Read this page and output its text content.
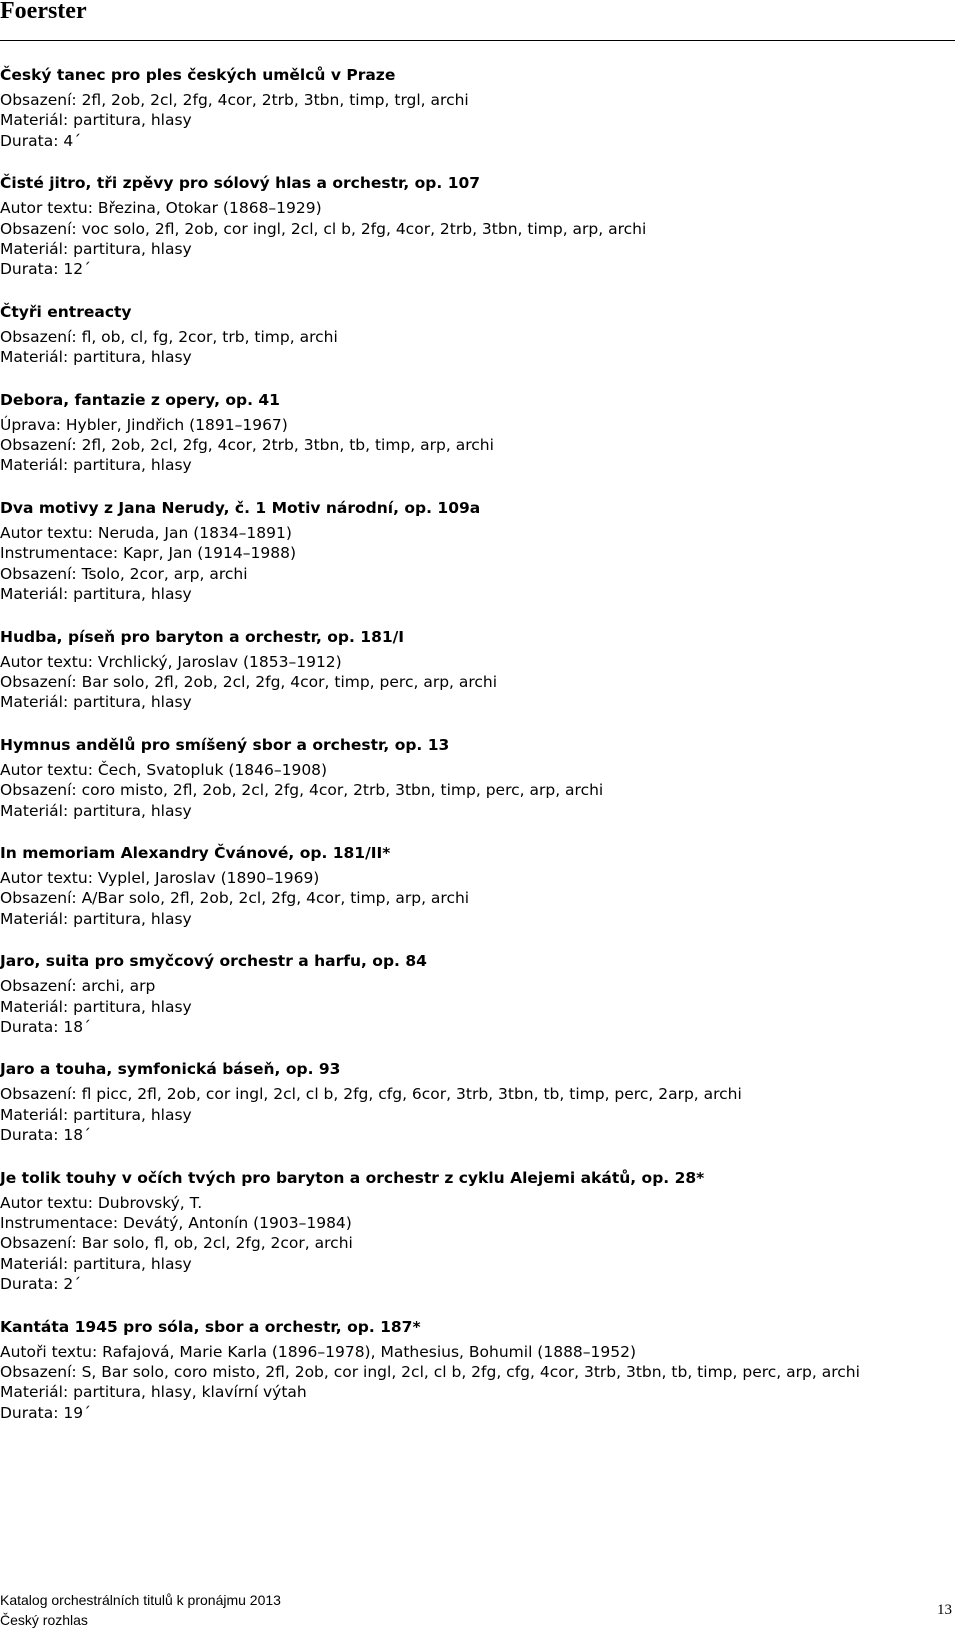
Foerster
Český tanec pro ples českých umělců v Praze
Obsazení: 2fl, 2ob, 2cl, 2fg, 4cor, 2trb, 3tbn, timp, trgl, archi
Materiál: partitura, hlasy
Durata: 4´
Čisté jitro, tři zpěvy pro sólový hlas a orchestr, op. 107
Autor textu: Březina, Otokar (1868–1929)
Obsazení: voc solo, 2fl, 2ob, cor ingl, 2cl, cl b, 2fg, 4cor, 2trb, 3tbn, timp, arp, archi
Materiál: partitura, hlasy
Durata: 12´
Čtyři entreacty
Obsazení: fl, ob, cl, fg, 2cor, trb, timp, archi
Materiál: partitura, hlasy
Debora, fantazie z opery, op. 41
Úprava: Hybler, Jindřich (1891–1967)
Obsazení: 2fl, 2ob, 2cl, 2fg, 4cor, 2trb, 3tbn, tb, timp, arp, archi
Materiál: partitura, hlasy
Dva motivy z Jana Nerudy, č. 1 Motiv národní, op. 109a
Autor textu: Neruda, Jan (1834–1891)
Instrumentace: Kapr, Jan (1914–1988)
Obsazení: Tsolo, 2cor, arp, archi
Materiál: partitura, hlasy
Hudba, píseň pro baryton a orchestr, op. 181/I
Autor textu: Vrchlický, Jaroslav (1853–1912)
Obsazení: Bar solo, 2fl, 2ob, 2cl, 2fg, 4cor, timp, perc, arp, archi
Materiál: partitura, hlasy
Hymnus andělů pro smíšený sbor a orchestr, op. 13
Autor textu: Čech, Svatopluk (1846–1908)
Obsazení: coro misto, 2fl, 2ob, 2cl, 2fg, 4cor, 2trb, 3tbn, timp, perc, arp, archi
Materiál: partitura, hlasy
In memoriam Alexandry Čvánové, op. 181/II*
Autor textu: Vyplel, Jaroslav (1890–1969)
Obsazení: A/Bar solo, 2fl, 2ob, 2cl, 2fg, 4cor, timp, arp, archi
Materiál: partitura, hlasy
Jaro, suita pro smyčcový orchestr a harfu, op. 84
Obsazení: archi, arp
Materiál: partitura, hlasy
Durata: 18´
Jaro a touha, symfonická báseň, op. 93
Obsazení: fl picc, 2fl, 2ob, cor ingl, 2cl, cl b, 2fg, cfg, 6cor, 3trb, 3tbn, tb, timp, perc, 2arp, archi
Materiál: partitura, hlasy
Durata: 18´
Je tolik touhy v očích tvých pro baryton a orchestr z cyklu Alejemi akátů, op. 28*
Autor textu: Dubrovský, T.
Instrumentace: Devátý, Antonín (1903–1984)
Obsazení: Bar solo, fl, ob, 2cl, 2fg, 2cor, archi
Materiál: partitura, hlasy
Durata: 2´
Kantáta 1945 pro sóla, sbor a orchestr, op. 187*
Autoři textu: Rafajová, Marie Karla (1896–1978), Mathesius, Bohumil (1888–1952)
Obsazení: S, Bar solo, coro misto, 2fl, 2ob, cor ingl, 2cl, cl b, 2fg, cfg, 4cor, 3trb, 3tbn, tb, timp, perc, arp, archi
Materiál: partitura, hlasy, klavírní výtah
Durata: 19´
Katalog orchestrálních titulů k pronájmu 2013
Český rozhlas
13
